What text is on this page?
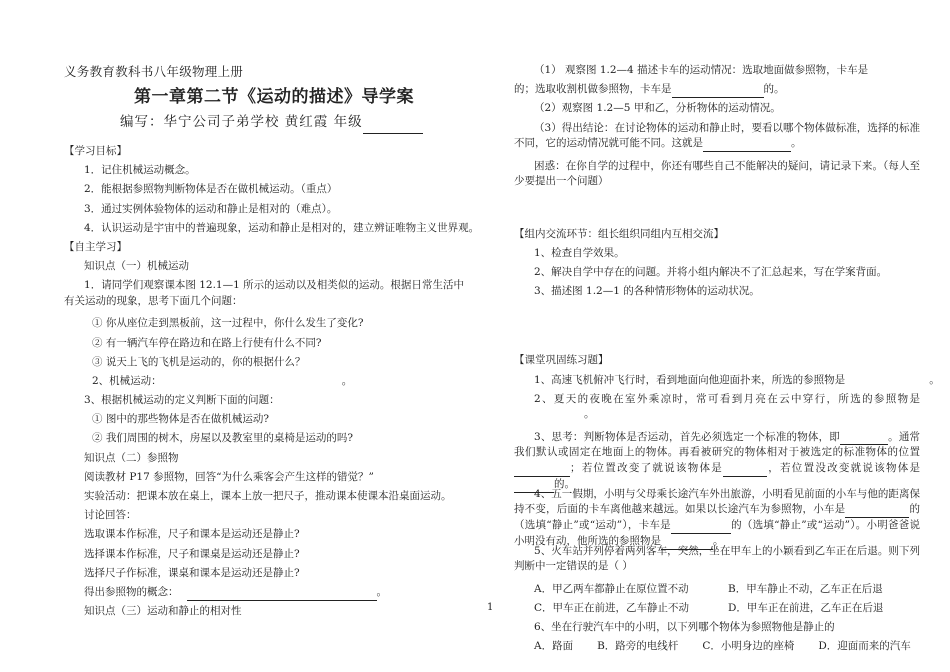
义务教育教科书八年级物理上册
第一章第二节《运动的描述》导学案
编写：华宁公司子弟学校 黄红霞 年级
【学习目标】
1．记住机械运动概念。
2．能根据参照物判断物体是否在做机械运动。（重点）
3．通过实例体验物体的运动和静止是相对的（难点）。
4．认识运动是宇宙中的普遍现象，运动和静止是相对的，建立辨证唯物主义世界观。
【自主学习】
知识点（一）机械运动
1．请同学们观察课本图 12.1—1 所示的运动以及相类似的运动。根据日常生活中有关运动的现象，思考下面几个问题：
① 你从座位走到黑板前，这一过程中，你什么发生了变化?
② 有一辆汽车停在路边和在路上行使有什么不同?
③ 说天上飞的飞机是运动的，你的根据什么？
2、机械运动：	。
3、根据机械运动的定义判断下面的问题：
① 图中的那些物体是否在做机械运动?
② 我们周围的树木，房屋以及教室里的桌椅是运动的吗?
知识点（二）参照物
阅读教材 P17 参照物，回答“为什么乘客会产生这样的错觉？”
实验活动：把课本放在桌上，课本上放一把尺子，推动课本使课本沿桌面运动。
讨论回答：
选取课本作标准，尺子和课本是运动还是静止?
选择课本作标准，尺子和课桌是运动还是静止?
选择尺子作标准，课桌和课本是运动还是静止?
得出参照物的概念：	。
知识点（三）运动和静止的相对性
（1） 观察图 1.2—4 描述卡车的运动情况：选取地面做参照物，卡车是
的；选取收割机做参照物，卡车是	的。
（2）观察图 1.2—5 甲和乙，分析物体的运动情况。
（3）得出结论：在讨论物体的运动和静止时，要看以哪个物体做标准，选择的标准不同，它的运动情况就可能不同。这就是	。
困惑：在你自学的过程中，你还有哪些自己不能解决的疑问，请记录下来。（每人至少要提出一个问题）
【组内交流环节：组长组织同组内互相交流】
1、检查自学效果。
2、解决自学中存在的问题。并将小组内解决不了汇总起来，写在学案背面。
3、描述图 1.2—1 的各种情形物体的运动状况。
【课堂巩固练习题】
1、高速飞机俯冲飞行时，看到地面向他迎面扑来，所选的参照物是	。
2、夏天的夜晚在室外乘凉时，常可看到月亮在云中穿行，所选的参照物是。
3、思考：判断物体是否运动，首先必须选定一个标准的物体，即	。通常我们默认或固定在地面上的物体。再看被研究的物体相对于被选定的标准物体的位置；若位置改变了就说该物体是	，若位置没改变就说该物体是的。
4、五一假期，小明与父母乘长途汽车外出旅游，小明看见前面的小车与他的距离保持不变，后面的卡车离他越来越远。如果以长途汽车为参照物，小车是	的（选填“静止”或“运动”），卡车是	的（选填“静止”或“运动”）。小明爸爸说小明没有动，他所选的参照物是	。
5、火车站并列停着两列客车，突然，坐在甲车上的小颖看到乙车正在后退。则下列判断中一定错误的是（ ）
A．甲乙两车都静止在原位置不动	B．甲车静止不动，乙车正在后退
C．甲车正在前进，乙车静止不动	D．甲车正在前进，乙车正在后退
6、坐在行驶汽车中的小明，以下列哪个物体为参照物他是静止的
A．路面 B．路旁的电线杆 C．小明身边的座椅 D．迎面而来的汽车
1
